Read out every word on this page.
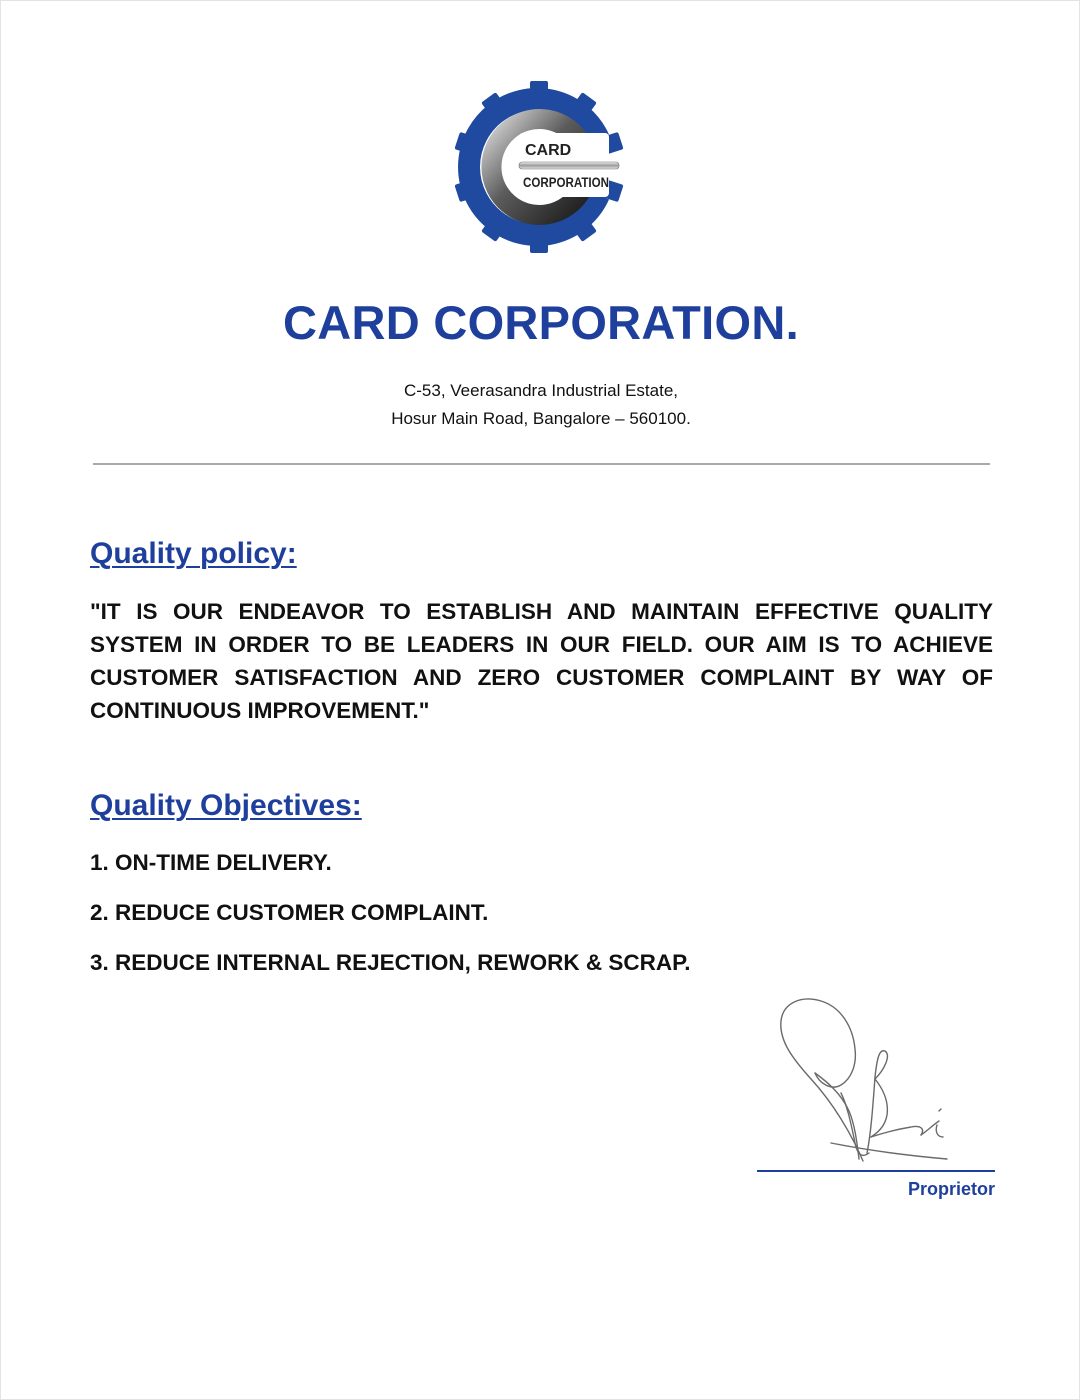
CARD
CORPORATION
CARD CORPORATION.
C-53, Veerasandra Industrial Estate,
Hosur Main Road, Bangalore – 560100.
Quality policy:
"IT IS OUR ENDEAVOR TO ESTABLISH AND MAINTAIN EFFECTIVE QUALITY SYSTEM IN ORDER TO BE LEADERS IN OUR FIELD. OUR AIM IS TO ACHIEVE CUSTOMER SATISFACTION AND ZERO CUSTOMER COMPLAINT BY WAY OF CONTINUOUS IMPROVEMENT."
Quality Objectives:
1. ON-TIME DELIVERY.
2. REDUCE CUSTOMER COMPLAINT.
3. REDUCE INTERNAL REJECTION, REWORK & SCRAP.
Proprietor
